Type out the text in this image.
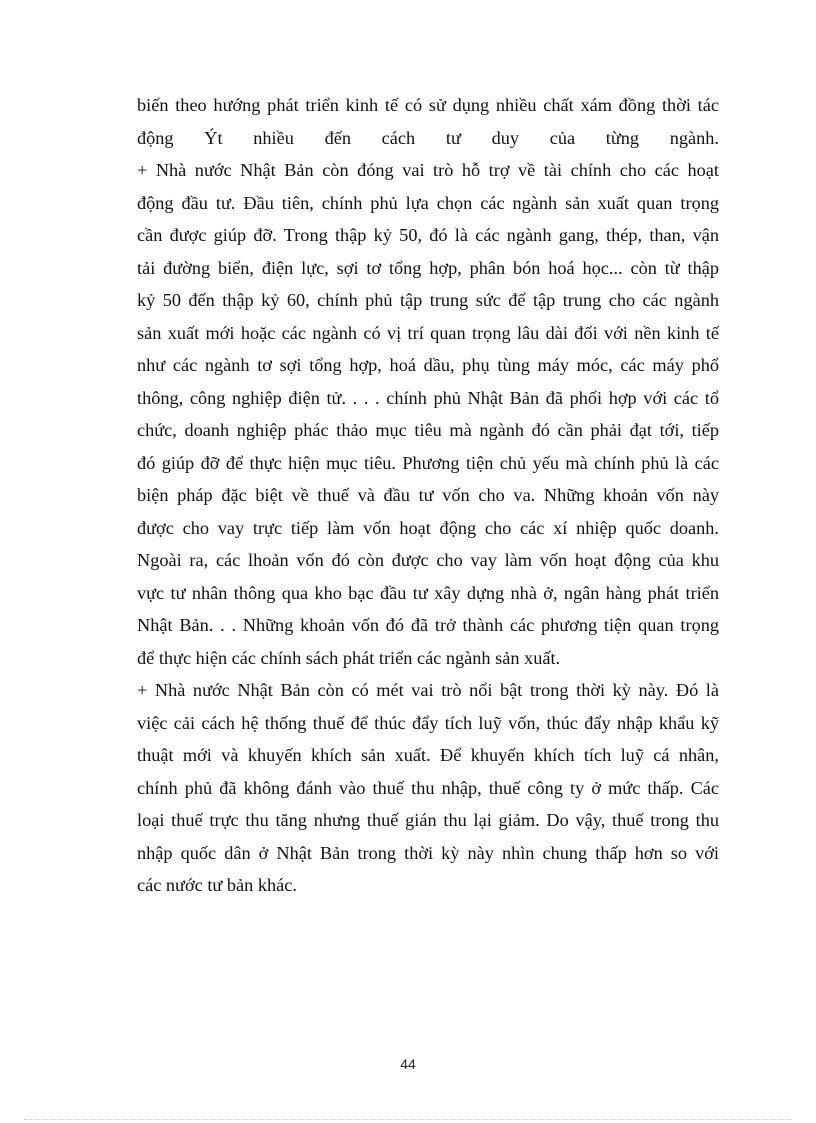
biến theo hướng phát triển kinh tế có sử dụng nhiều chất xám đồng thời tác
động Ýt nhiều đến cách tư duy của từng ngành.
+ Nhà nước Nhật Bản còn đóng vai trò hỗ trợ về tài chính cho các hoạt
động đầu tư. Đầu tiên, chính phủ lựa chọn các ngành sản xuất quan trọng
cần được giúp đỡ. Trong thập kỷ 50, đó là các ngành gang, thép, than, vận
tải đường biển, điện lực, sợi tơ tổng hợp, phân bón hoá học... còn từ thập
kỷ 50 đến thập kỷ 60, chính phủ tập trung sức để tập trung cho các ngành
sản xuất mới hoặc các ngành có vị trí quan trọng lâu dài đối với nền kinh tế
như các ngành tơ sợi tổng hợp, hoá dầu, phụ tùng máy móc, các máy phổ
thông, công nghiệp điện tử. . . . chính phủ Nhật Bản đã phối hợp với các tổ
chức, doanh nghiệp phác thảo mục tiêu mà ngành đó cần phải đạt tới, tiếp
đó giúp đỡ để thực hiện mục tiêu. Phương tiện chủ yếu mà chính phủ là các
biện pháp đặc biệt về thuế và đầu tư vốn cho va. Những khoản vốn này
được cho vay trực tiếp làm vốn hoạt động cho các xí nhiệp quốc doanh.
Ngoài ra, các lhoản vốn đó còn được cho vay làm vốn hoạt động của khu
vực tư nhân thông qua kho bạc đầu tư xây dựng nhà ở, ngân hàng phát triển
Nhật Bản. . . Những khoản vốn đó đã trở thành các phương tiện quan trọng
để thực hiện các chính sách phát triển các ngành sản xuất.
+ Nhà nước Nhật Bản còn có mét vai trò nổi bật trong thời kỳ này. Đó là
việc cải cách hệ thống thuế để thúc đẩy tích luỹ vốn, thúc đẩy nhập khẩu kỹ
thuật mới và khuyến khích sản xuất. Để khuyến khích tích luỹ cá nhân,
chính phủ đã không đánh vào thuế thu nhập, thuế công ty ở mức thấp. Các
loại thuế trực thu tăng nhưng thuế gián thu lại giảm. Do vậy, thuế trong thu
nhập quốc dân ở Nhật Bản trong thời kỳ này nhìn chung thấp hơn so với
các nước tư bản khác.
44
